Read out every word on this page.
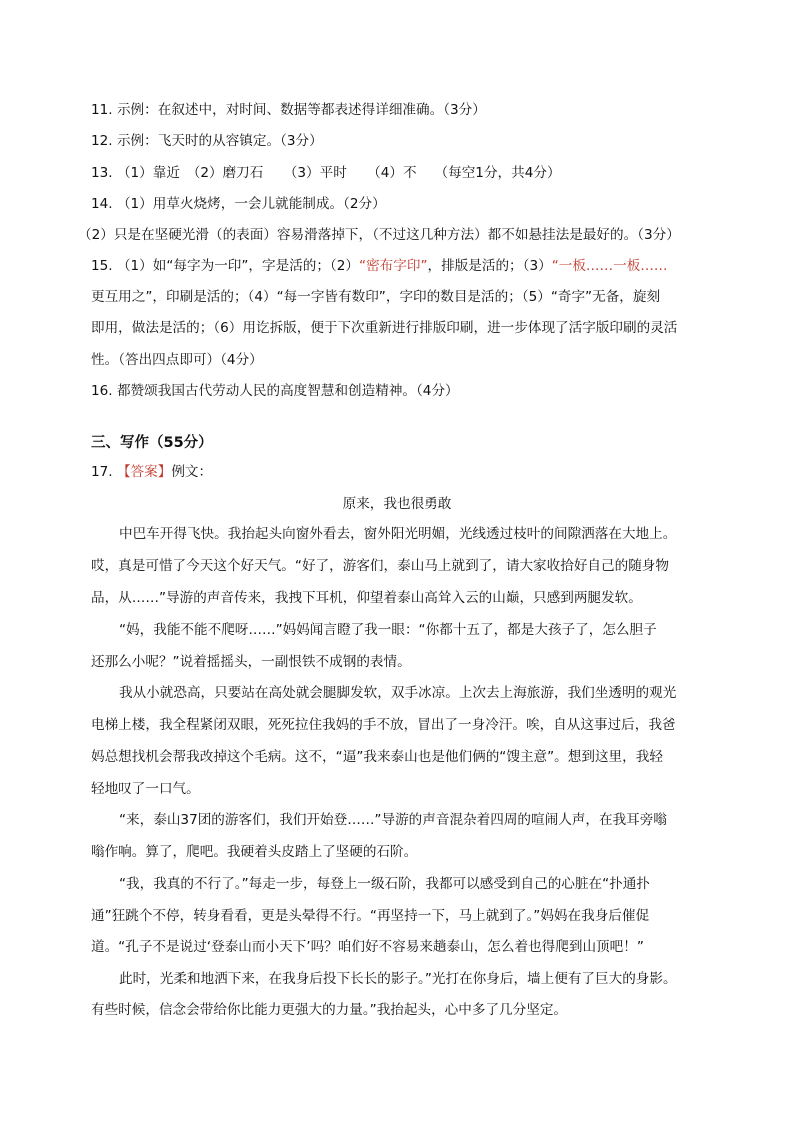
11. 示例：在叙述中，对时间、数据等都表述得详细准确。（3分）
12. 示例：飞天时的从容镇定。（3分）
13. （1）靠近　（2）磨刀石　　（3）平时　　（4）不　 （每空1分，共4分）
14. （1）用草火烧烤，一会儿就能制成。（2分）
（2）只是在坚硬光滑（的表面）容易滑落掉下，（不过这几种方法）都不如悬挂法是最好的。（3分）
15. （1）如“每字为一印”，字是活的；（2）“密布字印”，排版是活的；（3）“一板……一板……
更互用之”，印刷是活的；（4）“每一字皆有数印”，字印的数目是活的；（5）“奇字”无备，旋刻
即用，做法是活的；（6）用讫拆版，便于下次重新进行排版印刷，进一步体现了活字版印刷的灵活
性。（答出四点即可）（4分）
16. 都赞颂我国古代劳动人民的高度智慧和创造精神。（4分）
三、写作（55分）
17. 【答案】例文：
原来，我也很勇敢
中巴车开得飞快。我抬起头向窗外看去，窗外阳光明媚，光线透过枝叶的间隙洒落在大地上。
哎，真是可惜了今天这个好天气。“好了，游客们，泰山马上就到了，请大家收拾好自己的随身物
品，从……”导游的声音传来，我拽下耳机，仰望着泰山高耸入云的山巅，只感到两腿发软。
“妈，我能不能不爬呀……”妈妈闻言瞪了我一眼：“你都十五了，都是大孩子了，怎么胆子
还那么小呢？”说着摇摇头，一副恨铁不成钢的表情。
我从小就恐高，只要站在高处就会腿脚发软，双手冰凉。上次去上海旅游，我们坐透明的观光
电梯上楼，我全程紧闭双眼，死死拉住我妈的手不放，冒出了一身冷汗。唉，自从这事过后，我爸
妈总想找机会帮我改掉这个毛病。这不，“逼”我来泰山也是他们俩的“馊主意”。想到这里，我轻
轻地叹了一口气。
“来，泰山37团的游客们，我们开始登……”导游的声音混杂着四周的喧闹人声，在我耳旁嗡
嗡作响。算了，爬吧。我硬着头皮踏上了坚硬的石阶。
“我，我真的不行了。”每走一步，每登上一级石阶，我都可以感受到自己的心脏在“扑通扑
通”狂跳个不停，转身看看，更是头晕得不行。“再坚持一下，马上就到了。”妈妈在我身后催促
道。“孔子不是说过‘登泰山而小天下’吗？咱们好不容易来趟泰山，怎么着也得爬到山顶吧！”
此时，光柔和地洒下来，在我身后投下长长的影子。”光打在你身后，墙上便有了巨大的身影。
有些时候，信念会带给你比能力更强大的力量。”我抬起头，心中多了几分坚定。
